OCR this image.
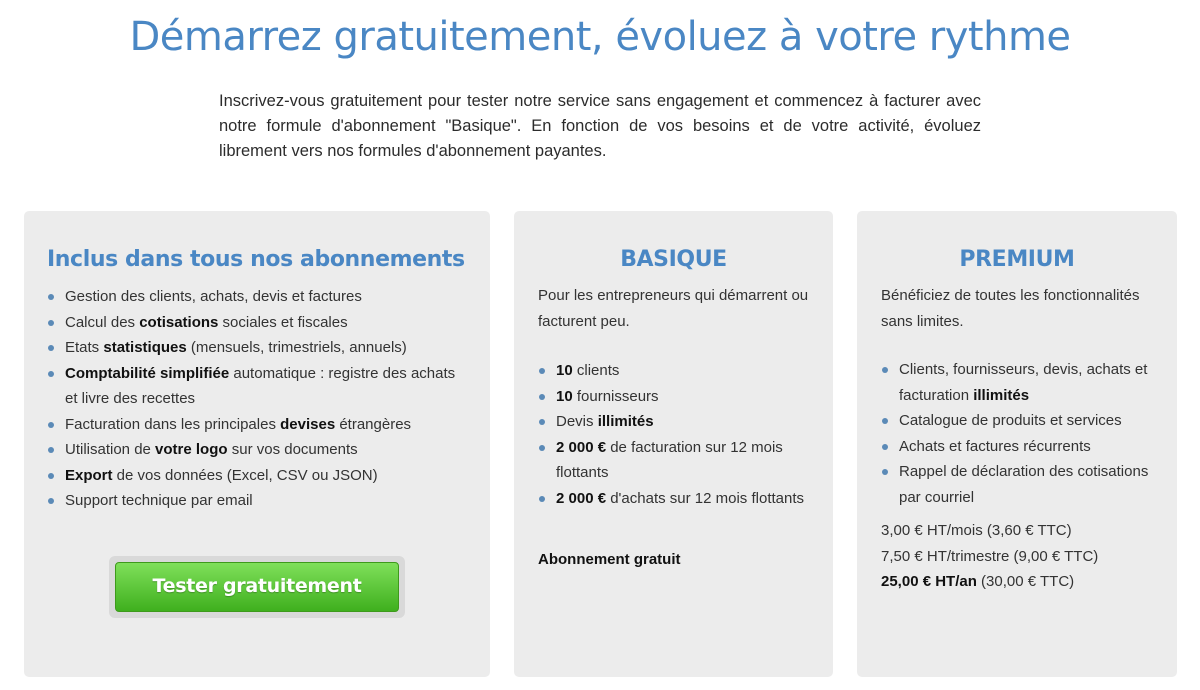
Démarrez gratuitement, évoluez à votre rythme

Inscrivez-vous gratuitement pour tester notre service sans engagement et commencez à facturer avec notre formule d'abonnement "Basique". En fonction de vos besoins et de votre activité, évoluez librement vers nos formules d'abonnement payantes.

Inclus dans tous nos abonnements
Gestion des clients, achats, devis et factures
Calcul des cotisations sociales et fiscales
Etats statistiques (mensuels, trimestriels, annuels)
Comptabilité simplifiée automatique : registre des achats et livre des recettes
Facturation dans les principales devises étrangères
Utilisation de votre logo sur vos documents
Export de vos données (Excel, CSV ou JSON)
Support technique par email
Tester gratuitement
BASIQUE

Pour les entrepreneurs qui démarrent ou facturent peu.

10 clients
10 fournisseurs
Devis illimités
2 000 € de facturation sur 12 mois flottants
2 000 € d'achats sur 12 mois flottants

Abonnement gratuit

PREMIUM

Bénéficiez de toutes les fonctionnalités sans limites.

Clients, fournisseurs, devis, achats et facturation illimités
Catalogue de produits et services
Achats et factures récurrents
Rappel de déclaration des cotisations par courriel
3,00 € HT/mois (3,60 € TTC)
7,50 € HT/trimestre (9,00 € TTC)
25,00 € HT/an (30,00 € TTC)
